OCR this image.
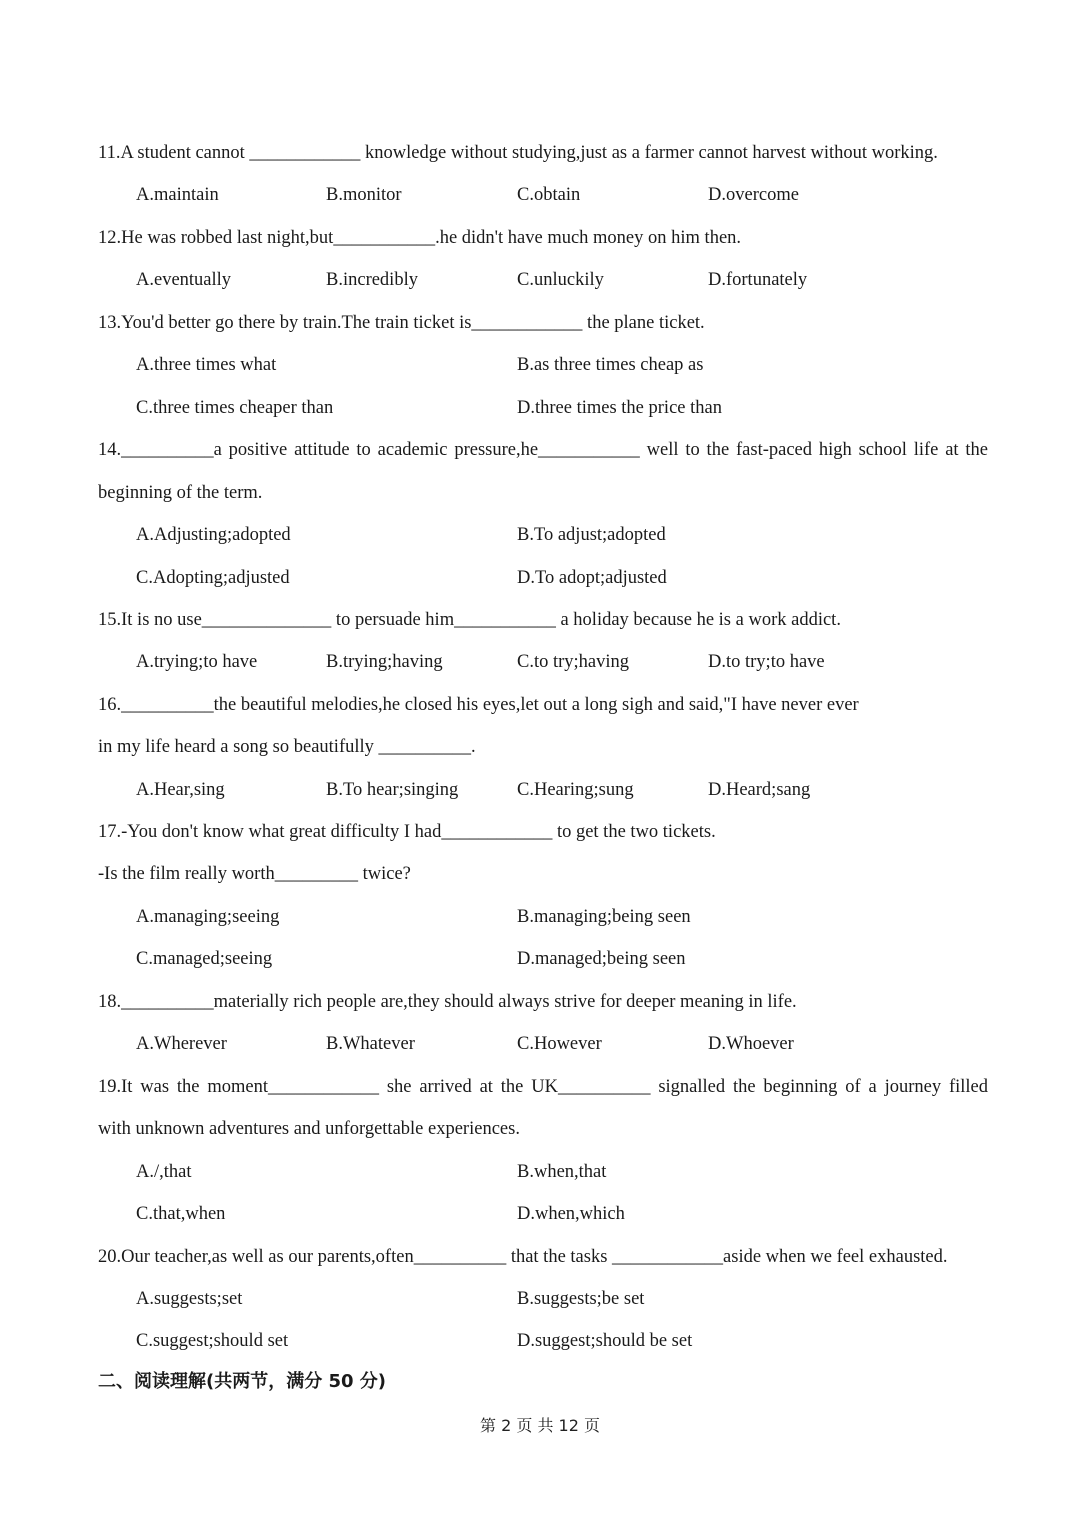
11.A student cannot ____________ knowledge without studying,just as a farmer cannot harvest without working.
A.maintain	B.monitor	C.obtain	D.overcome
12.He was robbed last night,but___________.he didn't have much money on him then.
A.eventually	B.incredibly	C.unluckily	D.fortunately
13.You'd better go there by train.The train ticket is____________ the plane ticket.
A.three times what	B.as three times cheap as
C.three times cheaper than	D.three times the price than
14.__________a positive attitude to academic pressure,he___________ well to the fast-paced high school life at the
beginning of the term.
A.Adjusting;adopted	B.To adjust;adopted
C.Adopting;adjusted	D.To adopt;adjusted
15.It is no use______________ to persuade him___________ a holiday because he is a work addict.
A.trying;to have	B.trying;having	C.to try;having	D.to try;to have
16.__________the beautiful melodies,he closed his eyes,let out a long sigh and said,"I have never ever
in my life heard a song so beautifully __________.
A.Hear,sing	B.To hear;singing	C.Hearing;sung	D.Heard;sang
17.-You don't know what great difficulty I had____________ to get the two tickets.
-Is the film really worth_________ twice?
A.managing;seeing	B.managing;being seen
C.managed;seeing	D.managed;being seen
18.__________materially rich people are,they should always strive for deeper meaning in life.
A.Wherever	B.Whatever	C.However	D.Whoever
19.It was the moment____________ she arrived at the UK__________ signalled the beginning of a journey filled
with unknown adventures and unforgettable experiences.
A./,that	B.when,that
C.that,when	D.when,which
20.Our teacher,as well as our parents,often__________ that the tasks ____________aside when we feel exhausted.
A.suggests;set	B.suggests;be set
C.suggest;should set	D.suggest;should be set
二、阅读理解(共两节，满分 50 分)
第 2 页 共 12 页
